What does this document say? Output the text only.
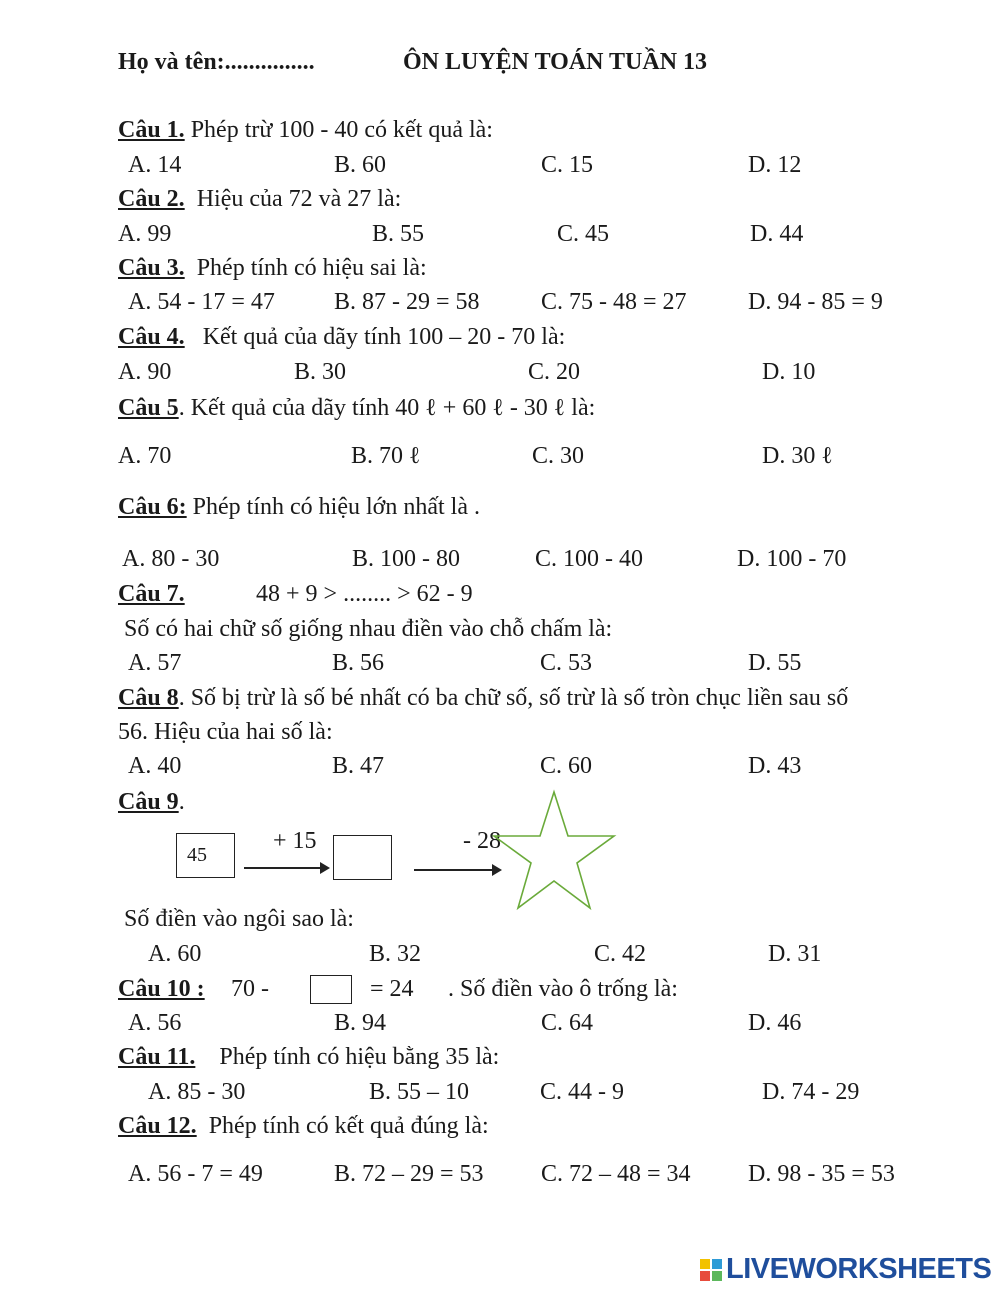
Họ và tên:...............	ÔN LUYỆN TOÁN TUẦN 13
Câu 1. Phép trừ 100 - 40 có kết quả là:
A. 14	B. 60	C. 15	D. 12
Câu 2. Hiệu của 72 và 27 là:
A. 99	B. 55	C. 45	D. 44
Câu 3. Phép tính có hiệu sai là:
A. 54 - 17 = 47 B. 87 - 29 = 58	C. 75 - 48 = 27	D. 94 - 85 = 9
Câu 4. Kết quả của dãy tính 100 – 20 - 70 là:
A. 90	B. 30	C. 20	D. 10
Câu 5. Kết quả của dãy tính 40 ℓ + 60 ℓ - 30 ℓ là:
A. 70	B. 70 ℓ	C. 30	D. 30 ℓ
Câu 6: Phép tính có hiệu lớn nhất là .
A. 80 - 30	B. 100 - 80	C. 100 - 40	D. 100 - 70
Câu 7.	48 + 9 > ........ > 62 - 9
Số có hai chữ số giống nhau điền vào chỗ chấm là:
A. 57	B. 56	C. 53	D. 55
Câu 8. Số bị trừ là số bé nhất có ba chữ số, số trừ là số tròn chục liền sau số
56. Hiệu của hai số là:
A. 40	B. 47	C. 60	D. 43
Câu 9.
45
+ 15	- 28
Số điền vào ngôi sao là:
A. 60	B. 32	C. 42	D. 31
Câu 10 : 70 -	= 24 . Số điền vào ô trống là:
A. 56	B. 94	C. 64	D. 46
Câu 11. Phép tính có hiệu bằng 35 là:
A. 85 - 30	B. 55 – 10	C. 44 - 9	D. 74 - 29
Câu 12. Phép tính có kết quả đúng là:
A. 56 - 7 = 49	B. 72 – 29 = 53 C. 72 – 48 = 34 D. 98 - 35 = 53
LIVEWORKSHEETS
